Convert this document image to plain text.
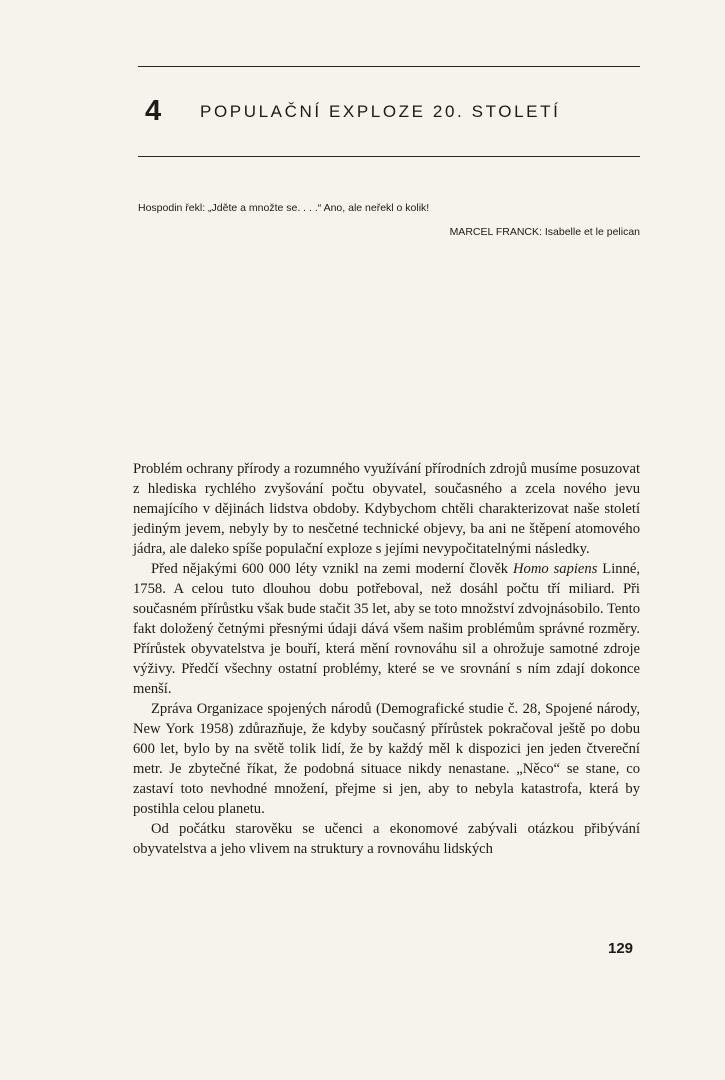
4 POPULAČNÍ EXPLOZE 20. STOLETÍ
Hospodin řekl: „Jděte a množte se. . . .“ Ano, ale neřekl o kolik!
MARCEL FRANCK: Isabelle et le pelican

Problém ochrany přírody a rozumného využívání přírodních zdrojů musíme posuzovat z hlediska rychlého zvyšování počtu obyvatel, současného a zcela nového jevu nemajícího v dějinách lidstva obdoby. Kdybychom chtěli charakterizovat naše století jediným jevem, nebyly by to nesčetné technické objevy, ba ani ne štěpení atomového jádra, ale daleko spíše populační exploze s jejími nevypočitatelnými následky.

Před nějakými 600 000 léty vznikl na zemi moderní člověk Homo sapiens Linné, 1758. A celou tuto dlouhou dobu potřeboval, než dosáhl počtu tří miliard. Při současném přírůstku však bude stačit 35 let, aby se toto množství zdvojnásobilo. Tento fakt doložený četnými přesnými údaji dává všem našim problémům správné rozměry. Přírůstek obyvatelstva je bouří, která mění rovnováhu sil a ohrožuje samotné zdroje výživy. Předčí všechny ostatní problémy, které se ve srovnání s ním zdají dokonce menší.

Zpráva Organizace spojených národů (Demografické studie č. 28, Spojené národy, New York 1958) zdůrazňuje, že kdyby současný přírůstek pokračoval ještě po dobu 600 let, bylo by na světě tolik lidí, že by každý měl k dispozici jen jeden čtvereční metr. Je zbytečné říkat, že podobná situace nikdy nenastane. „Něco“ se stane, co zastaví toto nevhodné množení, přejme si jen, aby to nebyla katastrofa, která by postihla celou planetu.

Od počátku starověku se učenci a ekonomové zabývali otázkou přibývání obyvatelstva a jeho vlivem na struktury a rovnováhu lidských

129
